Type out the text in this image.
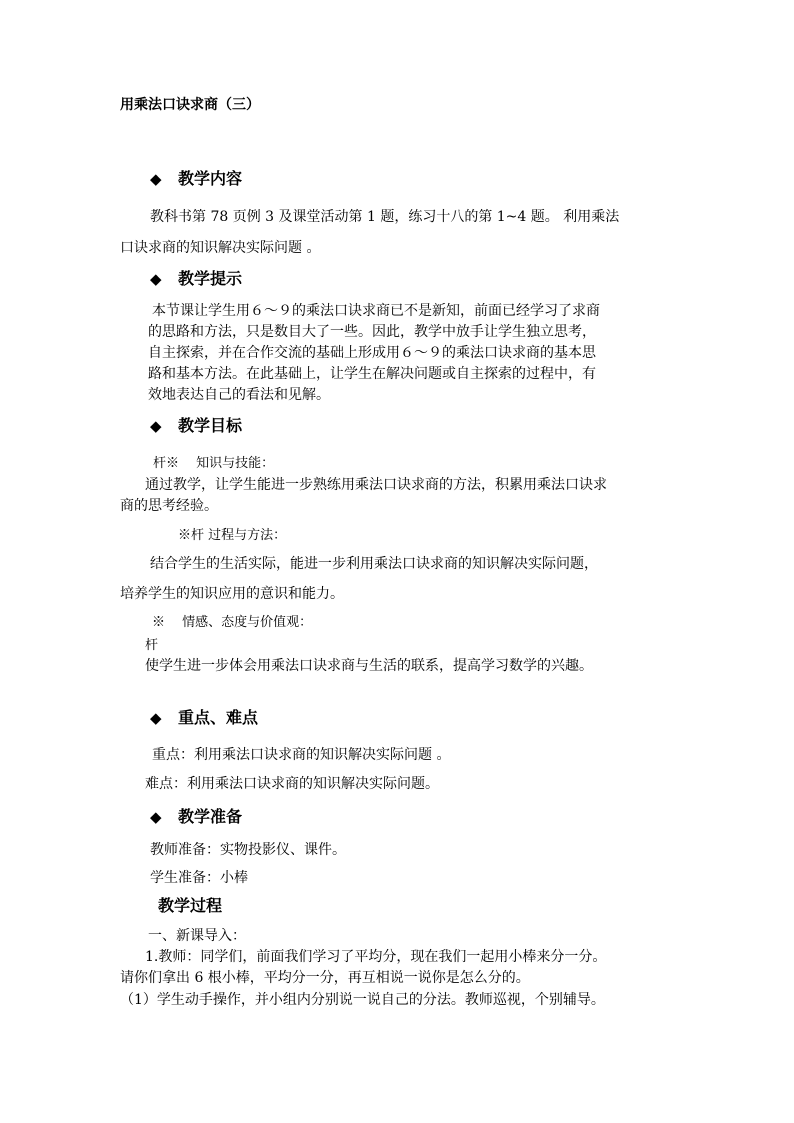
用乘法口诀求商（三）
◆ 教学内容
教科书第 78 页例 3 及课堂活动第 1 题，练习十八的第 1~4 题。 利用乘法
口诀求商的知识解决实际问题 。
◆ 教学提示
本节课让学生用６～９的乘法口诀求商已不是新知，前面已经学习了求商
的思路和方法，只是数目大了一些。因此，教学中放手让学生独立思考，
自主探索，并在合作交流的基础上形成用６～９的乘法口诀求商的基本思
路和基本方法。在此基础上，让学生在解决问题或自主探索的过程中，有
效地表达自己的看法和见解。
◆ 教学目标
杆※　 知识与技能：
通过教学，让学生能进一步熟练用乘法口诀求商的方法，积累用乘法口诀求
商的思考经验。
※杆 过程与方法：
结合学生的生活实际，能进一步利用乘法口诀求商的知识解决实际问题，
培养学生的知识应用的意识和能力。
※　 情感、态度与价值观：
杆
使学生进一步体会用乘法口诀求商与生活的联系，提高学习数学的兴趣。
◆ 重点、难点
重点：利用乘法口诀求商的知识解决实际问题 。
难点：利用乘法口诀求商的知识解决实际问题。
◆ 教学准备
教师准备：实物投影仪、课件。
学生准备：小棒
教学过程
一、新课导入：
1.教师：同学们，前面我们学习了平均分，现在我们一起用小棒来分一分。
请你们拿出 6 根小棒，平均分一分，再互相说一说你是怎么分的。
（1）学生动手操作，并小组内分别说一说自己的分法。教师巡视，个别辅导。
